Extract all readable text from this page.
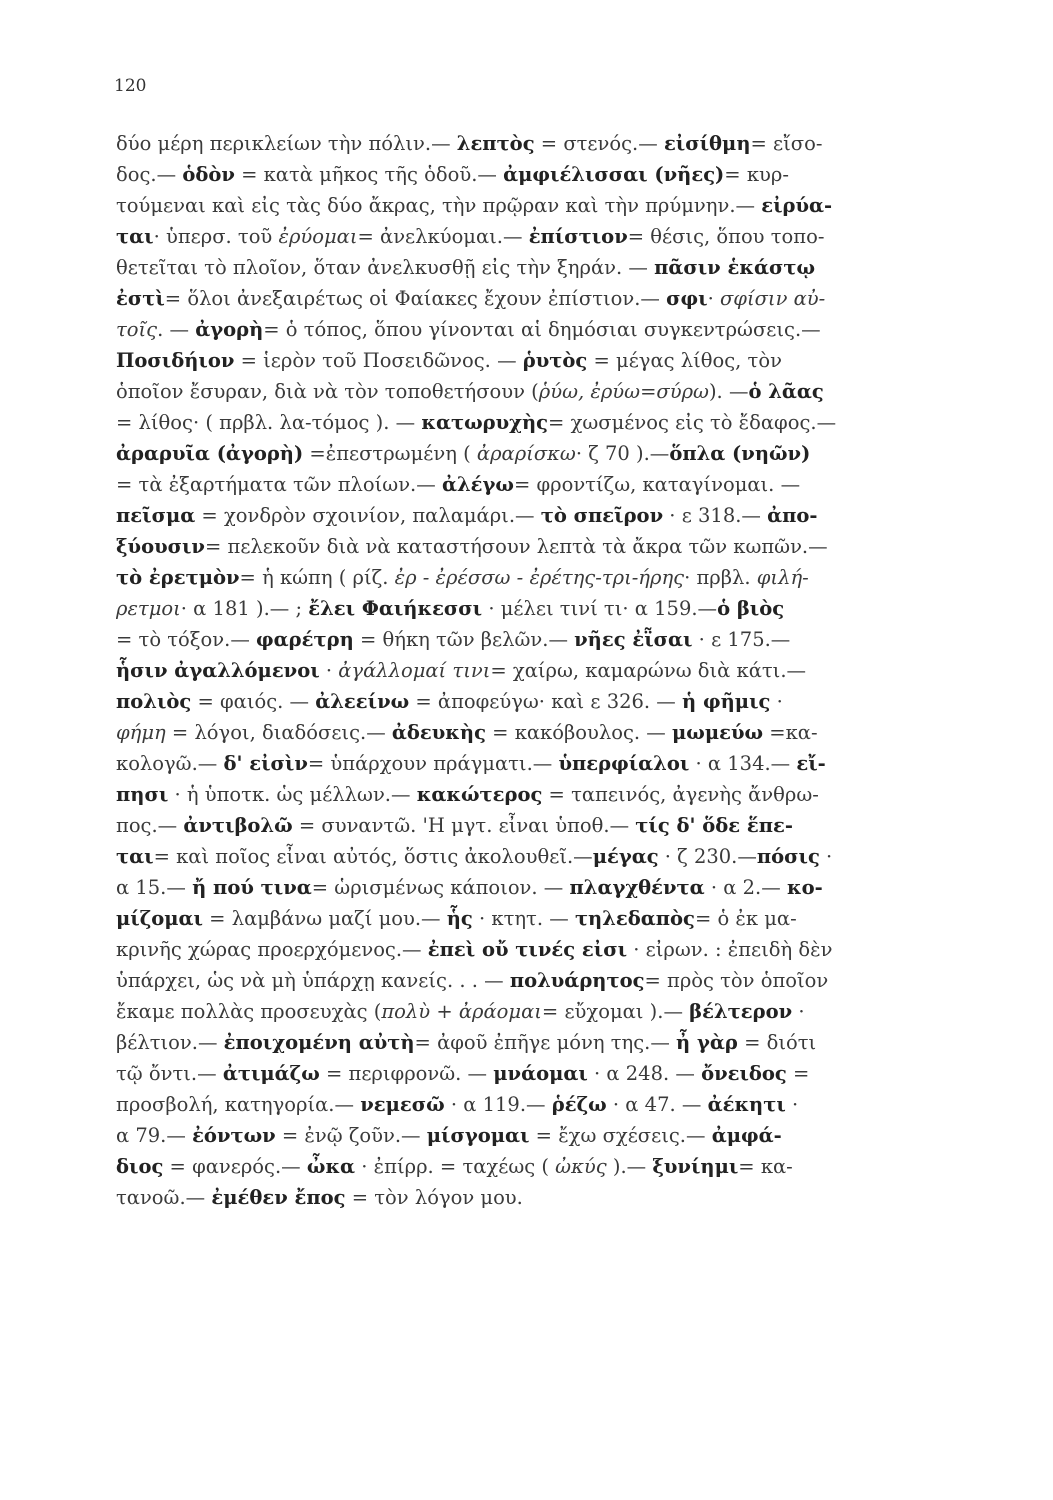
120
δύο μέρη περικλείων τὴν πόλιν.— λεπτὸς = στενός.— εἰσίθμη= εἴσο-
δος.— ὁδὸν = κατὰ μῆκος τῆς ὁδοῦ.— ἀμφιέλισσαι (νῆες)= κυρ-
τούμεναι καὶ εἰς τὰς δύο ἄκρας, τὴν πρῷραν καὶ τὴν πρύμνην.— εἰρύα-
ται· ὑπερσ. τοῦ ἐρύομαι= ἀνελκύομαι.— ἐπίστιον= θέσις, ὅπου τοπο-
θετεῖται τὸ πλοῖον, ὅταν ἀνελκυσθῇ εἰς τὴν ξηράν. — πᾶσιν ἑκάστῳ
ἐστὶ= ὅλοι ἀνεξαιρέτως οἱ Φαίακες ἔχουν ἐπίστιον.— σφι· σφίσιν αὐ-
τοῖς. — ἀγορὴ= ὁ τόπος, ὅπου γίνονται αἱ δημόσιαι συγκεντρώσεις.—
Ποσιδήιον = ἱερὸν τοῦ Ποσειδῶνος. — ῥυτὸς = μέγας λίθος, τὸν
ὁποῖον ἔσυραν, διὰ νὰ τὸν τοποθετήσουν (ῥύω, ἐρύω=σύρω). —ὁ λᾶας
= λίθος· ( πρβλ. λα-τόμος ). — κατωρυχὴς= χωσμένος εἰς τὸ ἔδαφος.—
ἀραρυῖα (ἀγορὴ) =ἐπεστρωμένη ( ἀραρίσκω· ζ 70 ).—ὅπλα (νηῶν)
= τὰ ἐξαρτήματα τῶν πλοίων.— ἀλέγω= φροντίζω, καταγίνομαι. —
πεῖσμα = χονδρὸν σχοινίον, παλαμάρι.— τὸ σπεῖρον · ε 318.— ἀπο-
ξύουσιν= πελεκοῦν διὰ νὰ καταστήσουν λεπτὰ τὰ ἄκρα τῶν κωπῶν.—
τὸ ἐρετμὸν= ἡ κώπη ( ρίζ. ἐρ - ἐρέσσω - ἐρέτης-τρι-ήρης· πρβλ. φιλή-
ρετμοι· α 181 ).— ; ἔλει Φαιήκεσσι · μέλει τινί τι· α 159.—ὁ βιὸς
= τὸ τόξον.— φαρέτρη = θήκη τῶν βελῶν.— νῆες ἐῗσαι · ε 175.—
ἧσιν ἀγαλλόμενοι · ἀγάλλομαί τινι= χαίρω, καμαρώνω διὰ κάτι.—
πολιὸς = φαιός. — ἀλεείνω = ἀποφεύγω· καὶ ε 326. — ἡ φῆμις ·
φήμη = λόγοι, διαδόσεις.— ἀδευκὴς = κακόβουλος. — μωμεύω =κα-
κολογῶ.— δ' εἰσὶν= ὑπάρχουν πράγματι.— ὑπερφίαλοι · α 134.— εἴ-
πησι · ἡ ὑποτκ. ὡς μέλλων.— κακώτερος = ταπεινός, ἀγενὴς ἄνθρω-
πος.— ἀντιβολῶ = συναντῶ. 'Η μγτ. εἶναι ὑποθ.— τίς δ' ὅδε ἕπε-
ται= καὶ ποῖος εἶναι αὐτός, ὅστις ἀκολουθεῖ.—μέγας · ζ 230.—πόσις ·
α 15.— ἤ πού τινα= ὡρισμένως κάποιον. — πλαγχθέντα · α 2.— κο-
μίζομαι = λαμβάνω μαζί μου.— ἧς · κτητ. — τηλεδαπὸς= ὁ ἐκ μα-
κρινῆς χώρας προερχόμενος.— ἐπεὶ οὔ τινές εἰσι · εἰρων. : ἐπειδὴ δὲν
ὑπάρχει, ὡς νὰ μὴ ὑπάρχῃ κανείς. . . — πολυάρητος= πρὸς τὸν ὁποῖον
ἔκαμε πολλὰς προσευχὰς (πολὺ + ἀράομαι= εὔχομαι ).— βέλτερον ·
βέλτιον.— ἐποιχομένη αὐτὴ= ἀφοῦ ἐπῆγε μόνη της.— ἦ γὰρ = διότι
τῷ ὄντι.— ἀτιμάζω = περιφρονῶ. — μνάομαι · α 248. — ὄνειδος =
προσβολή, κατηγορία.— νεμεσῶ · α 119.— ῥέζω · α 47. — ἀέκητι ·
α 79.— ἐόντων = ἐνῷ ζοῦν.— μίσγομαι = ἔχω σχέσεις.— ἀμφά-
διος = φανερός.— ὦκα · ἐπίρρ. = ταχέως ( ὠκύς ).— ξυνίημι= κα-
τανοῶ.— ἐμέθεν ἔπος = τὸν λόγον μου.
